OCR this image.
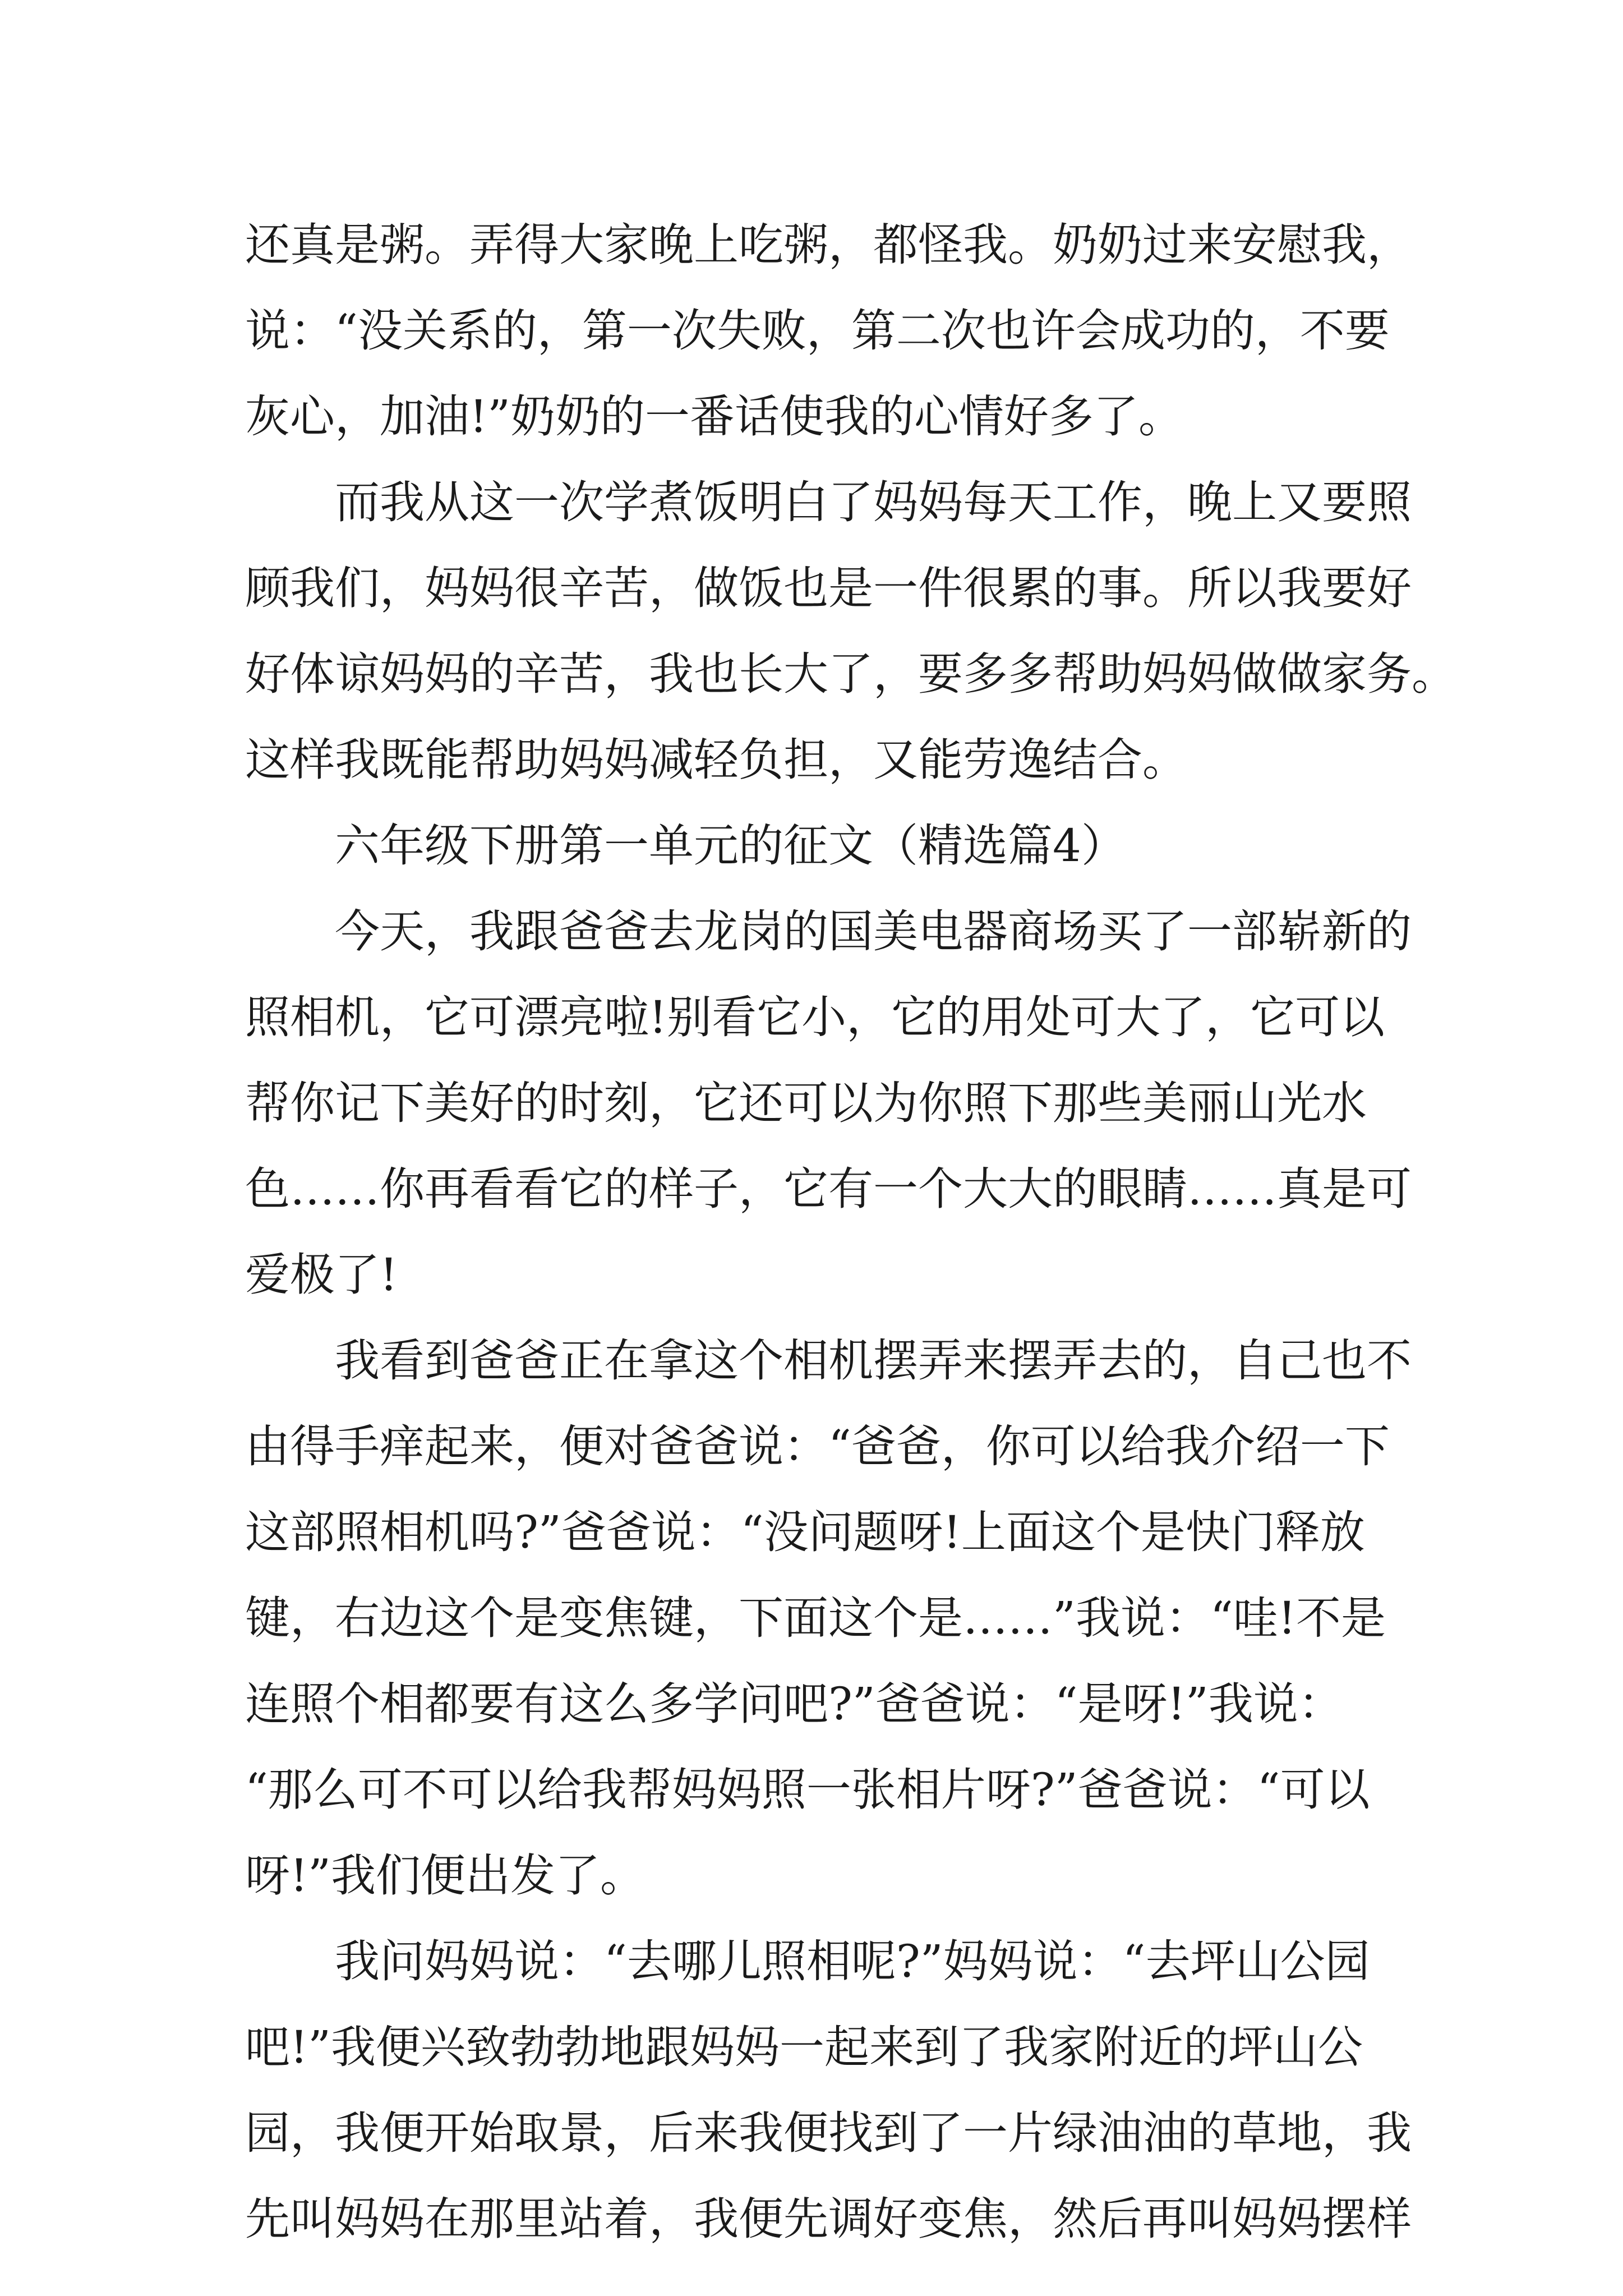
还真是粥。弄得大家晚上吃粥，都怪我。奶奶过来安慰我，
说：“没关系的，第一次失败，第二次也许会成功的，不要
灰心，加油!”奶奶的一番话使我的心情好多了。
而我从这一次学煮饭明白了妈妈每天工作，晚上又要照
顾我们，妈妈很辛苦，做饭也是一件很累的事。所以我要好
好体谅妈妈的辛苦，我也长大了，要多多帮助妈妈做做家务。
这样我既能帮助妈妈减轻负担，又能劳逸结合。
六年级下册第一单元的征文（精选篇4）
今天，我跟爸爸去龙岗的国美电器商场买了一部崭新的
照相机，它可漂亮啦!别看它小，它的用处可大了，它可以
帮你记下美好的时刻，它还可以为你照下那些美丽山光水
色……你再看看它的样子，它有一个大大的眼睛……真是可
爱极了!
我看到爸爸正在拿这个相机摆弄来摆弄去的，自己也不
由得手痒起来，便对爸爸说：“爸爸，你可以给我介绍一下
这部照相机吗?”爸爸说：“没问题呀!上面这个是快门释放
键，右边这个是变焦键，下面这个是……”我说：“哇!不是
连照个相都要有这么多学问吧?”爸爸说：“是呀!”我说：
“那么可不可以给我帮妈妈照一张相片呀?”爸爸说：“可以
呀!”我们便出发了。
我问妈妈说：“去哪儿照相呢?”妈妈说：“去坪山公园
吧!”我便兴致勃勃地跟妈妈一起来到了我家附近的坪山公
园，我便开始取景，后来我便找到了一片绿油油的草地，我
先叫妈妈在那里站着，我便先调好变焦，然后再叫妈妈摆样
